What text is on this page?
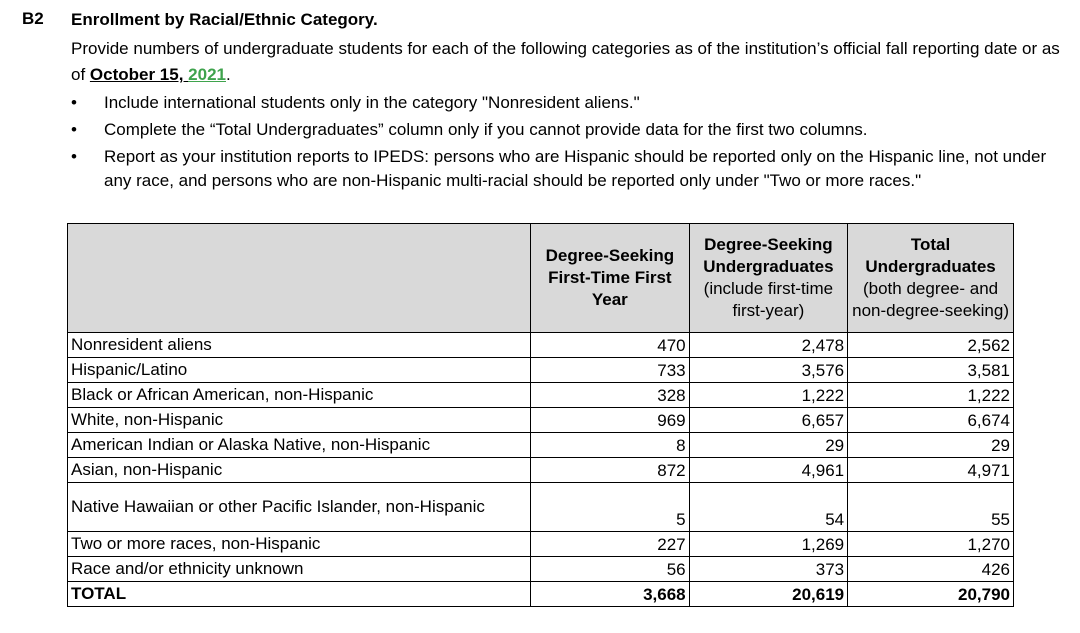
B2 Enrollment by Racial/Ethnic Category.
Provide numbers of undergraduate students for each of the following categories as of the institution’s official fall reporting date or as of October 15, 2021.
• Include international students only in the category "Nonresident aliens."
• Complete the “Total Undergraduates” column only if you cannot provide data for the first two columns.
• Report as your institution reports to IPEDS: persons who are Hispanic should be reported only on the Hispanic line, not under any race, and persons who are non-Hispanic multi-racial should be reported only under "Two or more races."

	Degree-Seeking First-Time First Year	Degree-Seeking Undergraduates
(include first-time first-year)	Total Undergraduates
(both degree- and non-degree-seeking)

Nonresident aliens	470	2,478	2,562
Hispanic/Latino	733	3,576	3,581
Black or African American, non-Hispanic	328	1,222	1,222
White, non-Hispanic	969	6,657	6,674
American Indian or Alaska Native, non-Hispanic	8	29	29
Asian, non-Hispanic	872	4,961	4,971
Native Hawaiian or other Pacific Islander, non-Hispanic	5	54	55
Two or more races, non-Hispanic	227	1,269	1,270
Race and/or ethnicity unknown	56	373	426
TOTAL	3,668	20,619	20,790
